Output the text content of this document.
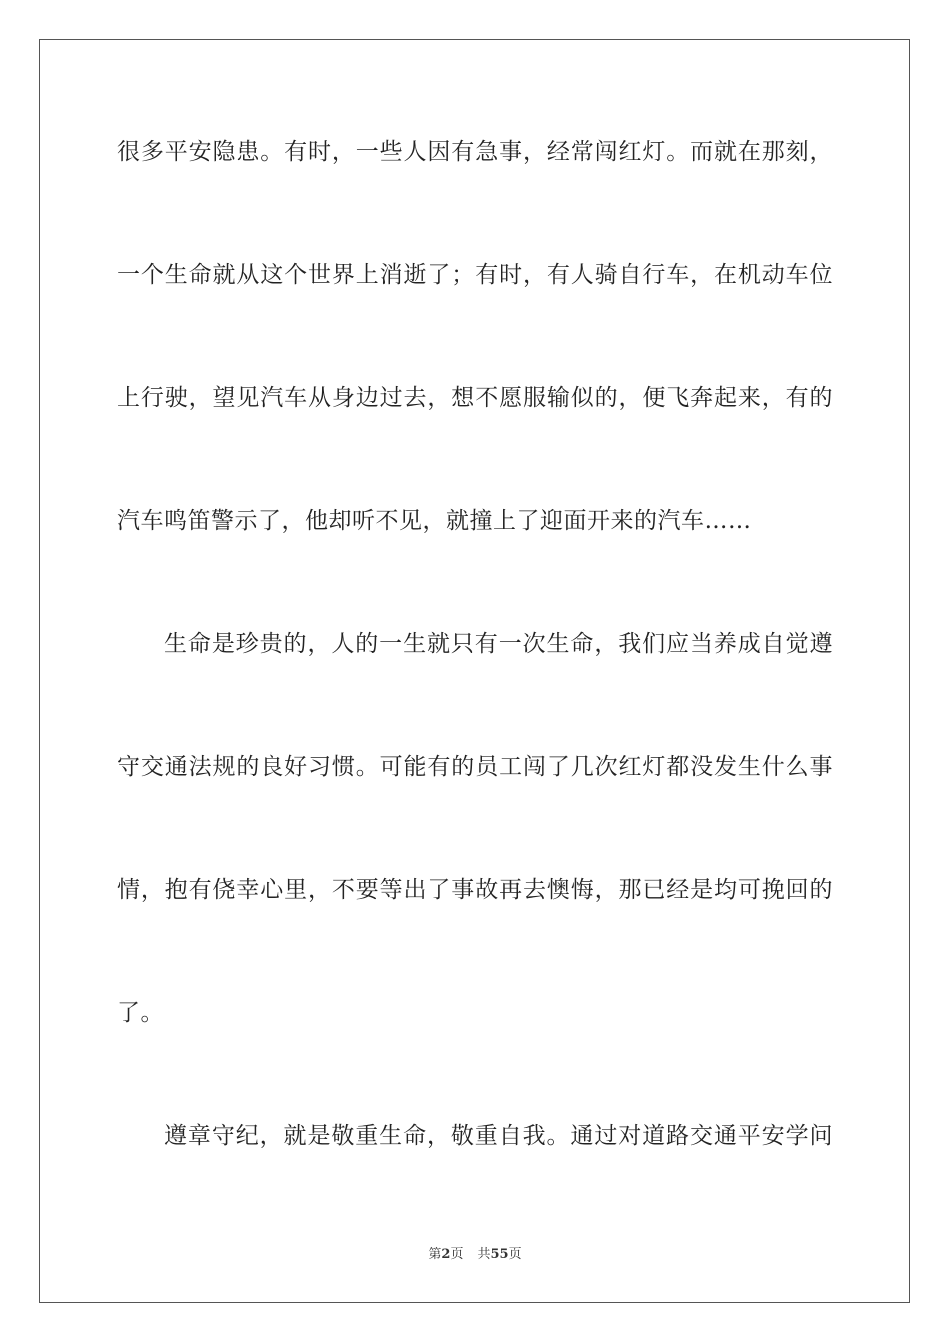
很多平安隐患。有时，一些人因有急事，经常闯红灯。而就在那刻，
一个生命就从这个世界上消逝了；有时，有人骑自行车，在机动车位
上行驶，望见汽车从身边过去，想不愿服输似的，便飞奔起来，有的
汽车鸣笛警示了，他却听不见，就撞上了迎面开来的汽车……
生命是珍贵的，人的一生就只有一次生命，我们应当养成自觉遵
守交通法规的良好习惯。可能有的员工闯了几次红灯都没发生什么事
情，抱有侥幸心里，不要等出了事故再去懊悔，那已经是均可挽回的
了。
遵章守纪，就是敬重生命，敬重自我。通过对道路交通平安学问
第2页 共55页
